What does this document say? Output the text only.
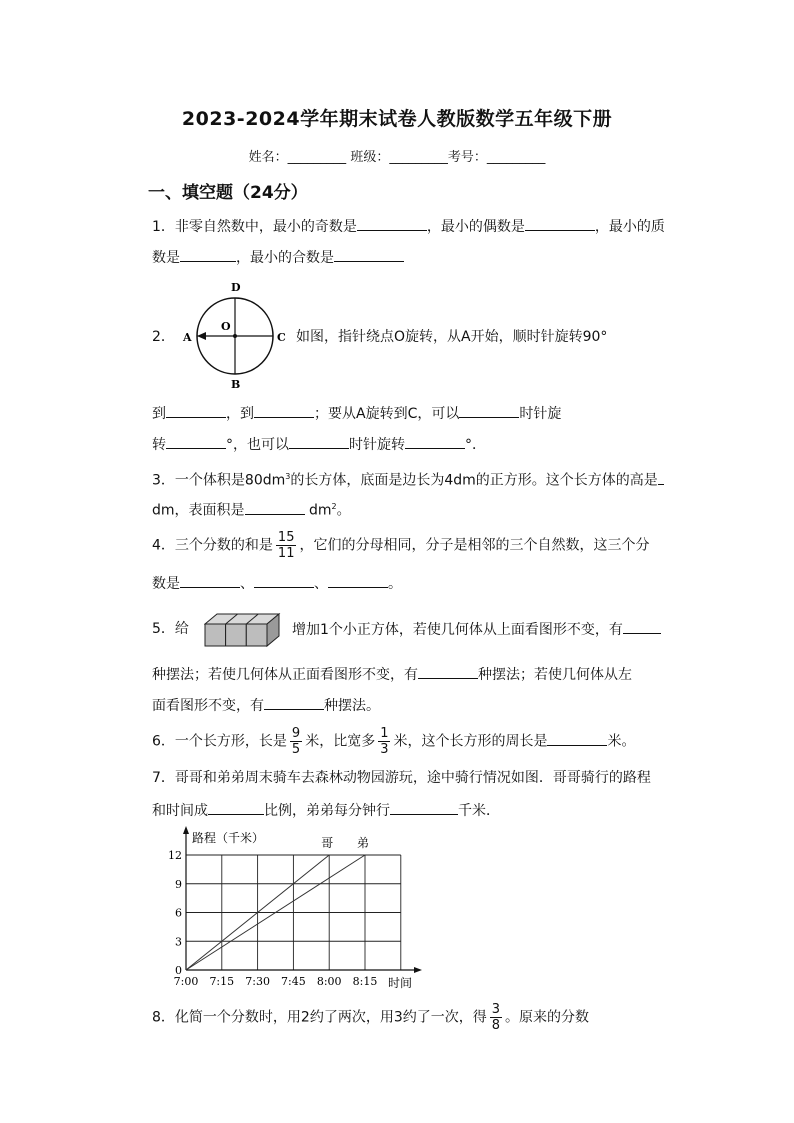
2023-2024学年期末试卷人教版数学五年级下册
姓名：_________ 班级：_________考号：_________
一、填空题（24分）
1．非零自然数中，最小的奇数是	，最小的偶数是	，最小的质
数是	，最小的合数是
2．
D
B
A	C
O
如图，指针绕点O旋转，从A开始，顺时针旋转90°
到	，到	；要从A旋转到C，可以	时针旋
转	°，也可以	时针旋转	°．
3．一个体积是$80dm^3$的长方体，底面是边长为4dm的正方形。这个长方体的高是
dm，表面积是	$dm^2$。
4．三个分数的和是 $\frac{15}{11}$ ，它们的分母相同，分子是相邻的三个自然数，这三个分
数是	、	、	。
5．给	增加1个小正方体，若使几何体从上面看图形不变，有
种摆法；若使几何体从正面看图形不变，有	种摆法；若使几何体从左
面看图形不变，有	种摆法。
6．一个长方形，长是 $\frac{9}{5}$ 米，比宽多 $\frac{1}{3}$ 米，这个长方形的周长是	米。
7．哥哥和弟弟周末骑车去森林动物园游玩，途中骑行情况如图．哥哥骑行的路程
和时间成	比例，弟弟每分钟行	千米．
路程（千米）
时间
0
3
6
9
12
7:00 7:15 7:30 7:45 8:00 8:15
哥 弟
8．化简一个分数时，用2约了两次，用3约了一次，得 $\frac{3}{8}$ 。原来的分数
